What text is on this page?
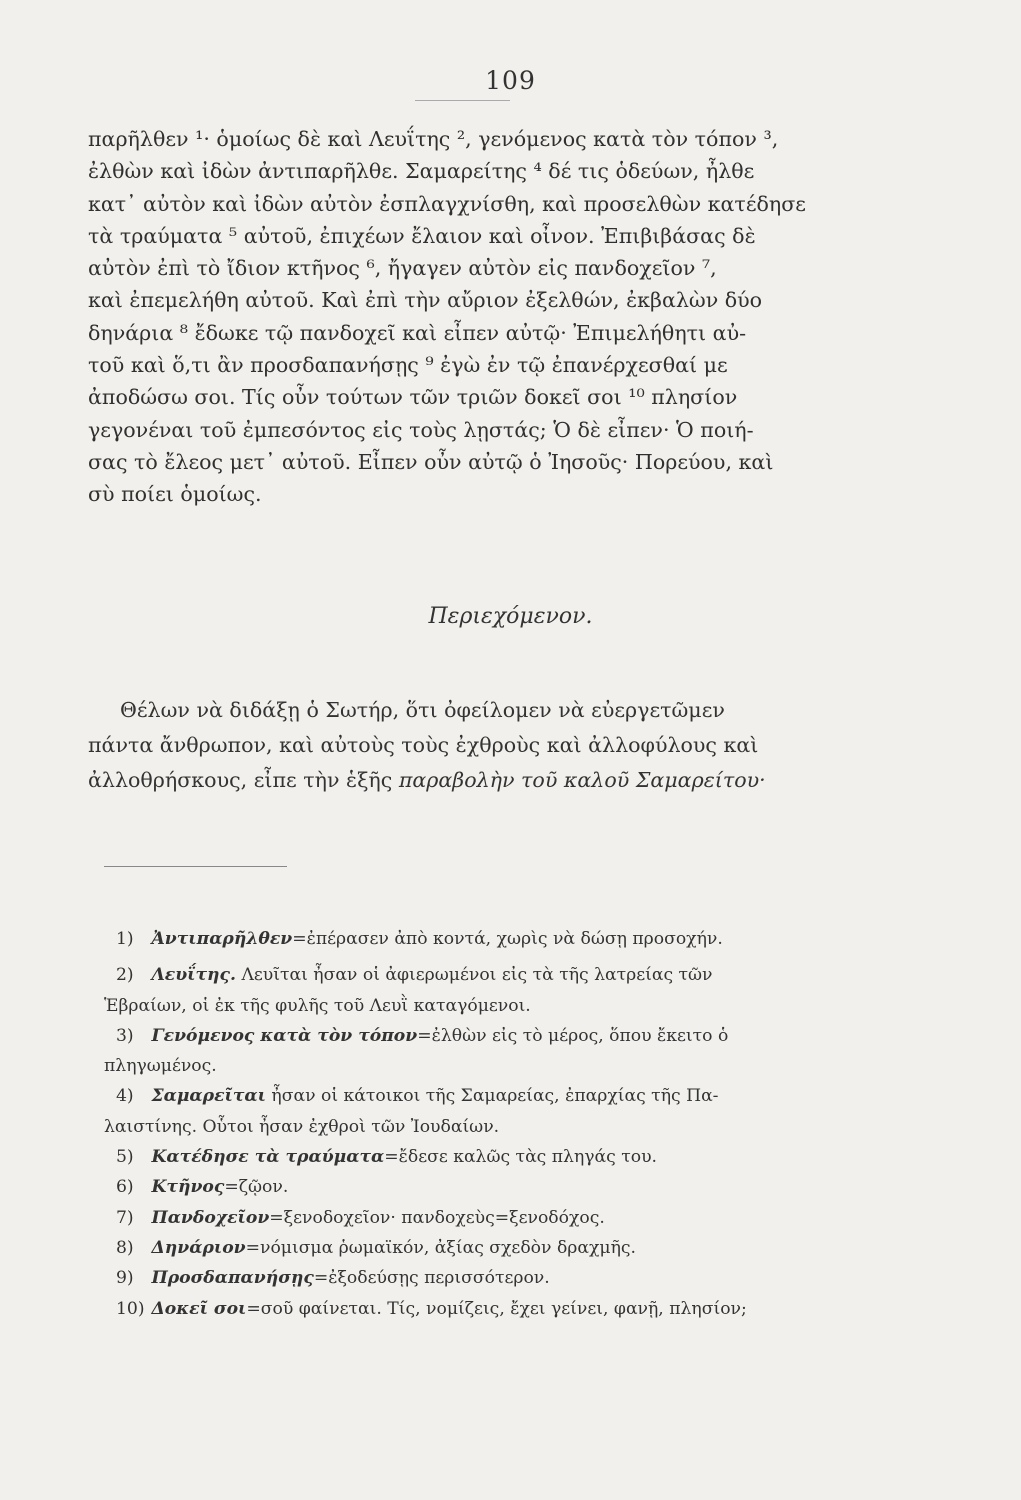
109

παρῆλθεν ¹· ὁμοίως δὲ καὶ Λευΐτης ², γενόμενος κατὰ τὸν τόπον ³,
ἐλθὼν καὶ ἰδὼν ἀντιπαρῆλθε. Σαμαρείτης ⁴ δέ τις ὁδεύων, ἦλθε
κατ᾽ αὐτὸν καὶ ἰδὼν αὐτὸν ἐσπλαγχνίσθη, καὶ προσελθὼν κατέδησε
τὰ τραύματα ⁵ αὐτοῦ, ἐπιχέων ἔλαιον καὶ οἶνον. Ἐπιβιβάσας δὲ
αὐτὸν ἐπὶ τὸ ἴδιον κτῆνος ⁶, ἤγαγεν αὐτὸν εἰς πανδοχεῖον ⁷,
καὶ ἐπεμελήθη αὐτοῦ. Καὶ ἐπὶ τὴν αὔριον ἐξελθών, ἐκβαλὼν δύο
δηνάρια ⁸ ἔδωκε τῷ πανδοχεῖ καὶ εἶπεν αὐτῷ· Ἐπιμελήθητι αὐ-
τοῦ καὶ ὅ,τι ἂν προσδαπανήσῃς ⁹ ἐγὼ ἐν τῷ ἐπανέρχεσθαί με
ἀποδώσω σοι. Τίς οὖν τούτων τῶν τριῶν δοκεῖ σοι ¹⁰ πλησίον
γεγονέναι τοῦ ἐμπεσόντος εἰς τοὺς λῃστάς; Ὁ δὲ εἶπεν· Ὁ ποιή-
σας τὸ ἔλεος μετ᾽ αὐτοῦ. Εἶπεν οὖν αὐτῷ ὁ Ἰησοῦς· Πορεύου, καὶ
σὺ ποίει ὁμοίως.

Περιεχόμενον.
Θέλων νὰ διδάξῃ ὁ Σωτήρ, ὅτι ὀφείλομεν νὰ εὐεργετῶμεν
πάντα ἄνθρωπον, καὶ αὐτοὺς τοὺς ἐχθροὺς καὶ ἀλλοφύλους καὶ
ἀλλοθρήσκους, εἶπε τὴν ἑξῆς παραβολὴν τοῦ καλοῦ Σαμαρείτου·
1) Ἀντιπαρῆλθεν=ἐπέρασεν ἀπὸ κοντά, χωρὶς νὰ δώσῃ προσοχήν.
2) Λευΐτης. Λευῖται ἦσαν οἱ ἀφιερωμένοι εἰς τὰ τῆς λατρείας τῶν
Ἑβραίων, οἱ ἐκ τῆς φυλῆς τοῦ Λευῒ καταγόμενοι.
3) Γενόμενος κατὰ τὸν τόπον=ἐλθὼν εἰς τὸ μέρος, ὅπου ἔκειτο ὁ
πληγωμένος.
4) Σαμαρεῖται ἦσαν οἱ κάτοικοι τῆς Σαμαρείας, ἐπαρχίας τῆς Πα-
λαιστίνης. Οὗτοι ἦσαν ἐχθροὶ τῶν Ἰουδαίων.
5) Κατέδησε τὰ τραύματα=ἔδεσε καλῶς τὰς πληγάς του.
6) Κτῆνος=ζῷον.
7) Πανδοχεῖον=ξενοδοχεῖον· πανδοχεὺς=ξενοδόχος.
8) Δηνάριον=νόμισμα ῥωμαϊκόν, ἀξίας σχεδὸν δραχμῆς.
9) Προσδαπανήσῃς=ἐξοδεύσῃς περισσότερον.
10) Δοκεῖ σοι=σοῦ φαίνεται. Τίς, νομίζεις, ἔχει γείνει, φανῇ, πλησίον;
